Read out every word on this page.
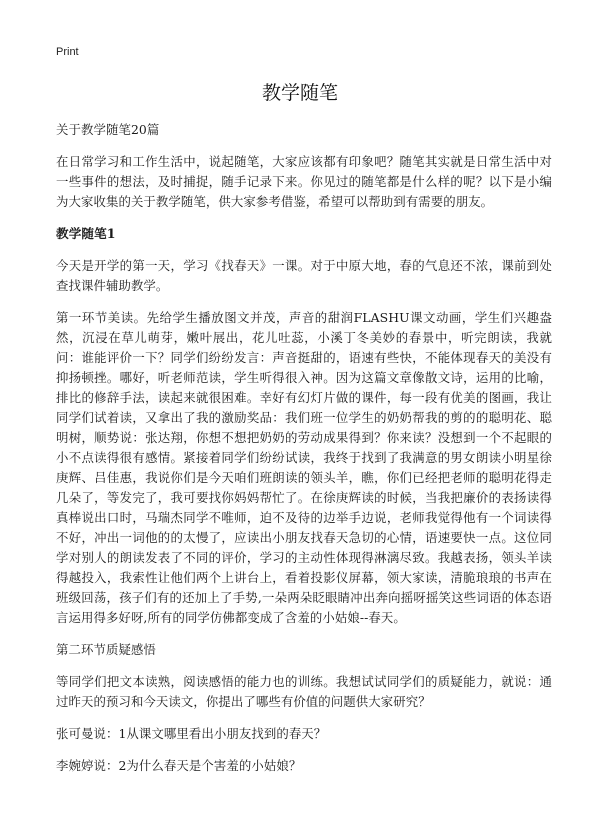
Print
教学随笔

关于教学随笔20篇

在日常学习和工作生活中，说起随笔，大家应该都有印象吧？随笔其实就是日常生活中对一些事件的想法，及时捕捉，随手记录下来。你见过的随笔都是什么样的呢？以下是小编为大家收集的关于教学随笔，供大家参考借鉴，希望可以帮助到有需要的朋友。

教学随笔1

今天是开学的第一天，学习《找春天》一课。对于中原大地，春的气息还不浓，课前到处查找课件辅助教学。

第一环节美读。先给学生播放图文并茂，声音的甜润FLASHU课文动画，学生们兴趣盎然，沉浸在草儿萌芽，嫩叶展出，花儿吐蕊，小溪丁冬美妙的春景中，听完朗读，我就问：谁能评价一下？同学们纷纷发言：声音挺甜的，语速有些快，不能体现春天的美没有抑扬顿挫。哪好，听老师范读，学生听得很入神。因为这篇文章像散文诗，运用的比喻，排比的修辞手法，读起来就很困难。幸好有幻灯片做的课件，每一段有优美的图画，我让同学们试着读，又拿出了我的激励奖品：我们班一位学生的奶奶帮我的剪的的聪明花、聪明树，顺势说：张达翔，你想不想把奶奶的劳动成果得到？你来读？没想到一个不起眼的小不点读得很有感情。紧接着同学们纷纷试读，我终于找到了我满意的男女朗读小明星徐庚辉、吕佳惠，我说你们是今天咱们班朗读的领头羊，瞧，你们已经把老师的聪明花得走几朵了，等发完了，我可要找你妈妈帮忙了。在徐庚辉读的时候，当我把廉价的表扬读得真棒说出口时，马瑞杰同学不唯师，迫不及待的边举手边说，老师我觉得他有一个词读得不好，冲出一词他的的太慢了，应读出小朋友找春天急切的心情，语速要快一点。这位同学对别人的朗读发表了不同的评价，学习的主动性体现得淋漓尽致。我越表扬，领头羊读得越投入，我索性让他们两个上讲台上，看着投影仪屏幕，领大家读，清脆琅琅的书声在班级回荡，孩子们有的还加上了手势,一朵两朵眨眼睛冲出奔向摇呀摇笑这些词语的体态语言运用得多好呀,所有的同学仿佛都变成了含羞的小姑娘--春天。

第二环节质疑感悟

等同学们把文本读熟，阅读感悟的能力也的训练。我想试试同学们的质疑能力，就说：通过昨天的预习和今天读文，你提出了哪些有价值的问题供大家研究？

张可曼说：1从课文哪里看出小朋友找到的春天？

李婉婷说：2为什么春天是个害羞的小姑娘？
